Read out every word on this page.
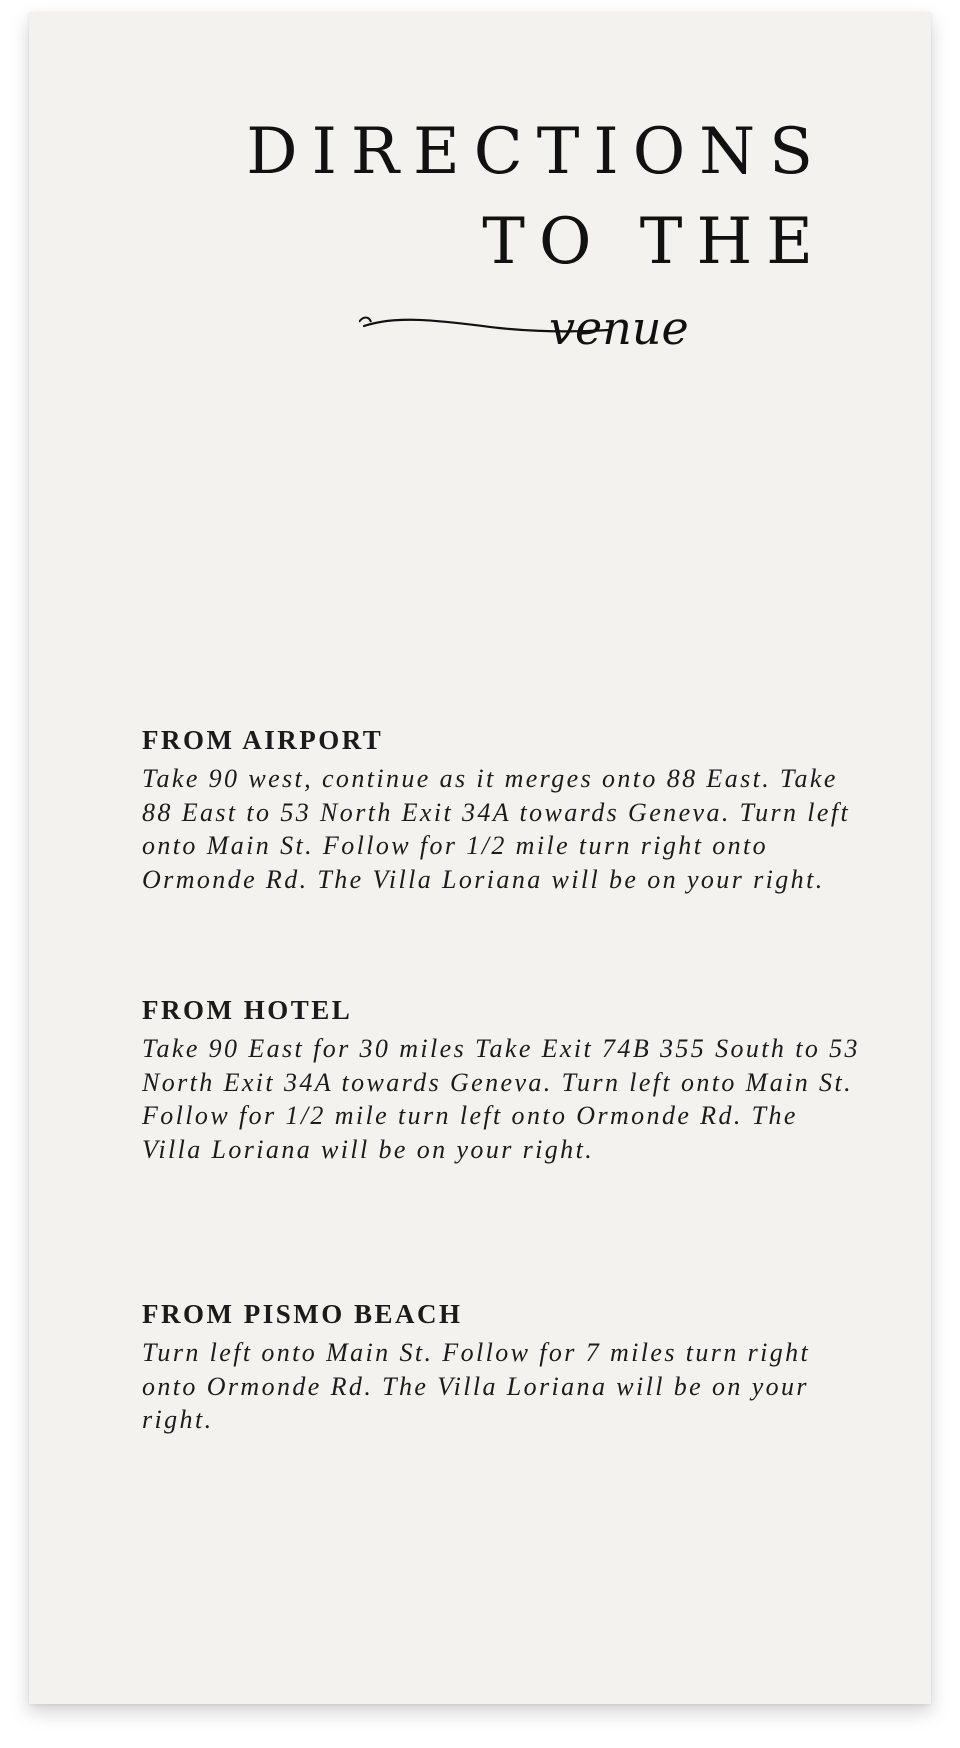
DIRECTIONS
TO THE
venue
FROM AIRPORT

Take 90 west, continue as it merges onto 88 East. Take 88 East to 53 North Exit 34A towards Geneva. Turn left onto Main St. Follow for 1/2 mile turn right onto Ormonde Rd. The Villa Loriana will be on your right.

FROM HOTEL

Take 90 East for 30 miles Take Exit 74B 355 South to 53 North Exit 34A towards Geneva. Turn left onto Main St. Follow for 1/2 mile turn left onto Ormonde Rd. The Villa Loriana will be on your right.

FROM PISMO BEACH

Turn left onto Main St. Follow for 7 miles turn right onto Ormonde Rd. The Villa Loriana will be on your right.
